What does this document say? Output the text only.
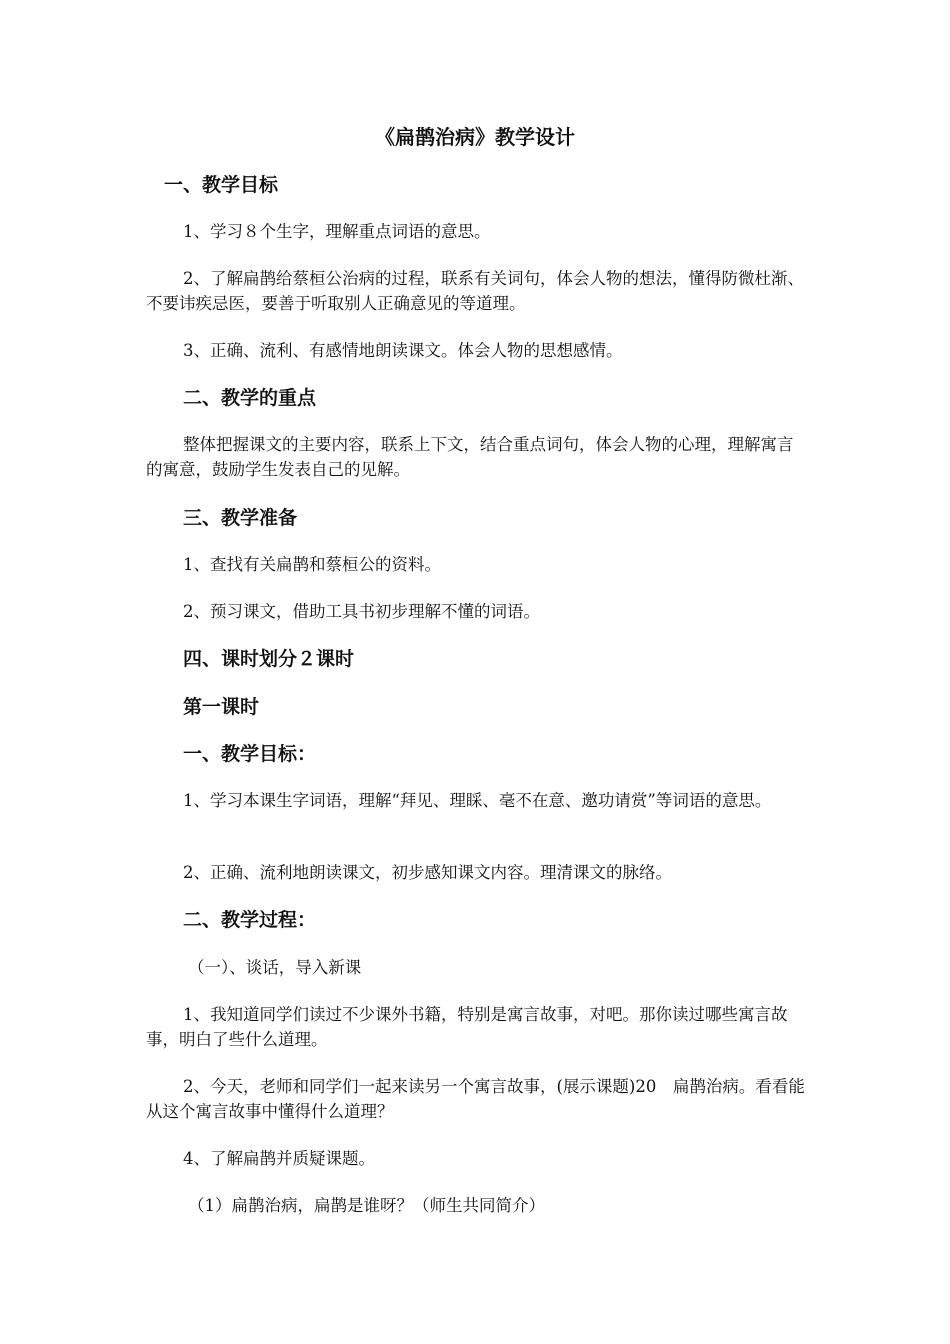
《扁鹊治病》教学设计
一、教学目标

1、学习８个生字，理解重点词语的意思。

2、了解扁鹊给蔡桓公治病的过程，联系有关词句，体会人物的想法，懂得防微杜渐、不要讳疾忌医，要善于听取别人正确意见的等道理。

3、正确、流利、有感情地朗读课文。体会人物的思想感情。

二、教学的重点

整体把握课文的主要内容，联系上下文，结合重点词句，体会人物的心理，理解寓言的寓意，鼓励学生发表自己的见解。

三、教学准备

1、查找有关扁鹊和蔡桓公的资料。

2、预习课文，借助工具书初步理解不懂的词语。

四、课时划分２课时
第一课时
一、教学目标：

1、学习本课生字词语，理解“拜见、理睬、毫不在意、邀功请赏”等词语的意思。

2、正确、流利地朗读课文，初步感知课文内容。理清课文的脉络。

二、教学过程：

（一）、谈话，导入新课

1、我知道同学们读过不少课外书籍，特别是寓言故事，对吧。那你读过哪些寓言故事，明白了些什么道理。

2、今天，老师和同学们一起来读另一个寓言故事，(展示课题)20　扁鹊治病。看看能从这个寓言故事中懂得什么道理？

4、了解扁鹊并质疑课题。

（1）扁鹊治病，扁鹊是谁呀？（师生共同简介）
